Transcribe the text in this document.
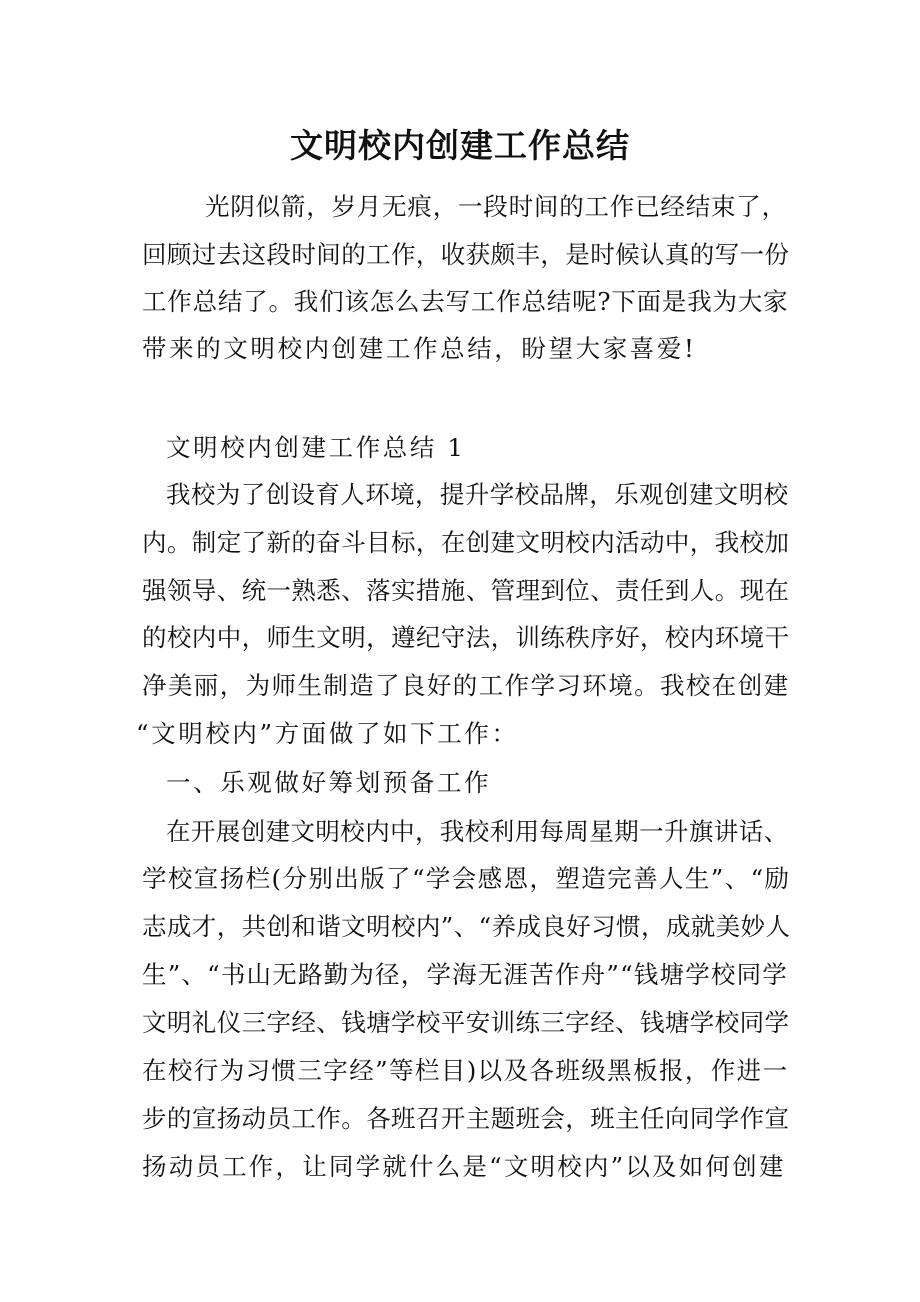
文明校内创建工作总结
光阴似箭，岁月无痕，一段时间的工作已经结束了，
回顾过去这段时间的工作，收获颇丰，是时候认真的写一份
工作总结了。我们该怎么去写工作总结呢?下面是我为大家
带来的文明校内创建工作总结，盼望大家喜爱!
文明校内创建工作总结 1
我校为了创设育人环境，提升学校品牌，乐观创建文明校
内。制定了新的奋斗目标，在创建文明校内活动中，我校加
强领导、统一熟悉、落实措施、管理到位、责任到人。现在
的校内中，师生文明，遵纪守法，训练秩序好，校内环境干
净美丽，为师生制造了良好的工作学习环境。我校在创建
“文明校内”方面做了如下工作：
一、乐观做好筹划预备工作
在开展创建文明校内中，我校利用每周星期一升旗讲话、
学校宣扬栏(分别出版了“学会感恩，塑造完善人生”、“励
志成才，共创和谐文明校内”、“养成良好习惯，成就美妙人
生”、“书山无路勤为径，学海无涯苦作舟”“钱塘学校同学
文明礼仪三字经、钱塘学校平安训练三字经、钱塘学校同学
在校行为习惯三字经”等栏目)以及各班级黑板报，作进一
步的宣扬动员工作。各班召开主题班会，班主任向同学作宣
扬动员工作，让同学就什么是“文明校内”以及如何创建
